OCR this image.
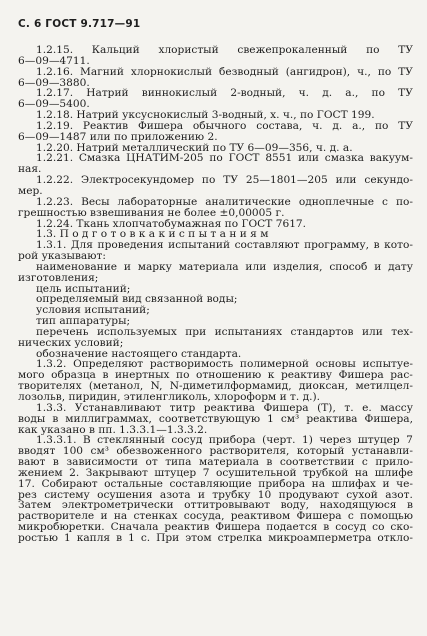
С. 6 ГОСТ 9.717—91
1.2.15. Кальций хлористый свежепрокаленный по ТУ
6—09—4711.
1.2.16. Магний хлорнокислый безводный (ангидрон), ч., по ТУ
6—09—3880.
1.2.17. Натрий виннокислый 2-водный, ч. д. а., по ТУ
6—09—5400.
1.2.18. Натрий уксуснокислый 3-водный, х. ч., по ГОСТ 199.
1.2.19. Реактив Фишера обычного состава, ч. д. а., по ТУ
6—09—1487 или по приложению 2.
1.2.20. Натрий металлический по ТУ 6—09—356, ч. д. а.
1.2.21. Смазка ЦНАТИМ-205 по ГОСТ 8551 или смазка вакуум-
ная.
1.2.22. Электросекундомер по ТУ 25—1801—205 или секундо-
мер.
1.2.23. Весы лабораторные аналитические одноплечные с по-
грешностью взвешивания не более ±0,00005 г.
1.2.24. Ткань хлопчатобумажная по ГОСТ 7617.
1.3. П о д г о т о в к а к и с п ы т а н и я м
1.3.1. Для проведения испытаний составляют программу, в кото-
рой указывают:
наименование и марку материала или изделия, способ и дату
изготовления;
цель испытаний;
определяемый вид связанной воды;
условия испытаний;
тип аппаратуры;
перечень используемых при испытаниях стандартов или тех-
нических условий;
обозначение настоящего стандарта.
1.3.2. Определяют растворимость полимерной основы испытуе-
мого образца в инертных по отношению к реактиву Фишера рас-
творителях (метанол, N, N-диметилформамид, диоксан, метилцел-
лозольв, пиридин, этиленгликоль, хлороформ и т. д.).
1.3.3. Устанавливают титр реактива Фишера (T), т. е. массу
воды в миллиграммах, соответствующую 1 см³ реактива Фишера,
как указано в пп. 1.3.3.1—1.3.3.2.
1.3.3.1. В стеклянный сосуд прибора (черт. 1) через штуцер 7
вводят 100 см³ обезвоженного растворителя, который устанавли-
вают в зависимости от типа материала в соответствии с прило-
жением 2. Закрывают штуцер 7 осушительной трубкой на шлифе
17. Собирают остальные составляющие прибора на шлифах и че-
рез систему осушения азота и трубку 10 продувают сухой азот.
Затем электрометрически оттитровывают воду, находящуюся в
растворителе и на стенках сосуда, реактивом Фишера с помощью
микробюретки. Сначала реактив Фишера подается в сосуд со ско-
ростью 1 капля в 1 с. При этом стрелка микроамперметра откло-
